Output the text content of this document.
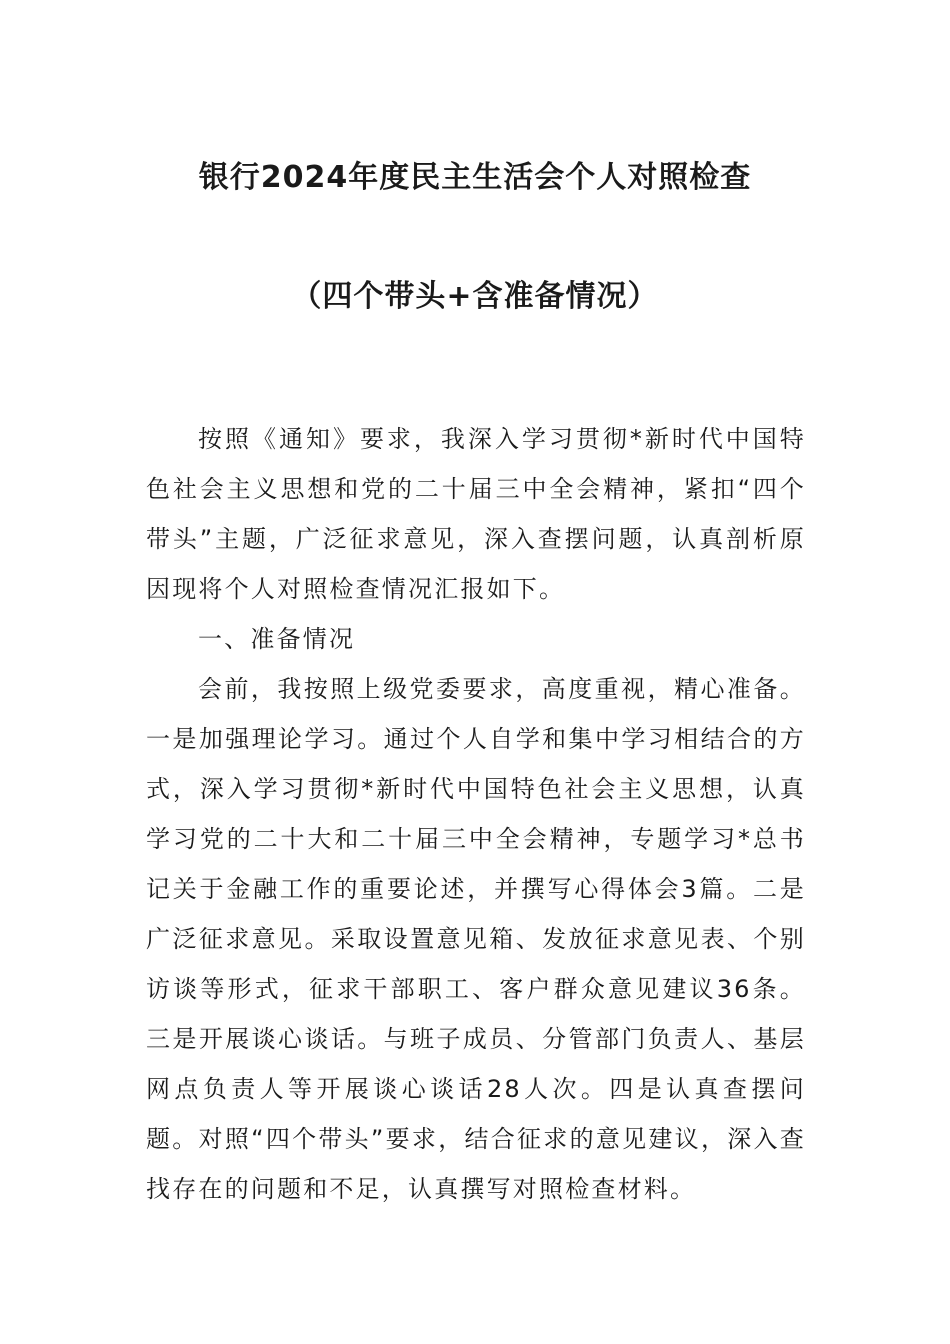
银行2024年度民主生活会个人对照检查
（四个带头+含准备情况）

按照《通知》要求，我深入学习贯彻*新时代中国特色社会主义思想和党的二十届三中全会精神，紧扣“四个带头”主题，广泛征求意见，深入查摆问题，认真剖析原因现将个人对照检查情况汇报如下。

一、准备情况

会前，我按照上级党委要求，高度重视，精心准备。一是加强理论学习。通过个人自学和集中学习相结合的方式，深入学习贯彻*新时代中国特色社会主义思想，认真学习党的二十大和二十届三中全会精神，专题学习*总书记关于金融工作的重要论述，并撰写心得体会3篇。二是广泛征求意见。采取设置意见箱、发放征求意见表、个别访谈等形式，征求干部职工、客户群众意见建议36条。三是开展谈心谈话。与班子成员、分管部门负责人、基层网点负责人等开展谈心谈话28人次。四是认真查摆问题。对照“四个带头”要求，结合征求的意见建议，深入查找存在的问题和不足，认真撰写对照检查材料。
